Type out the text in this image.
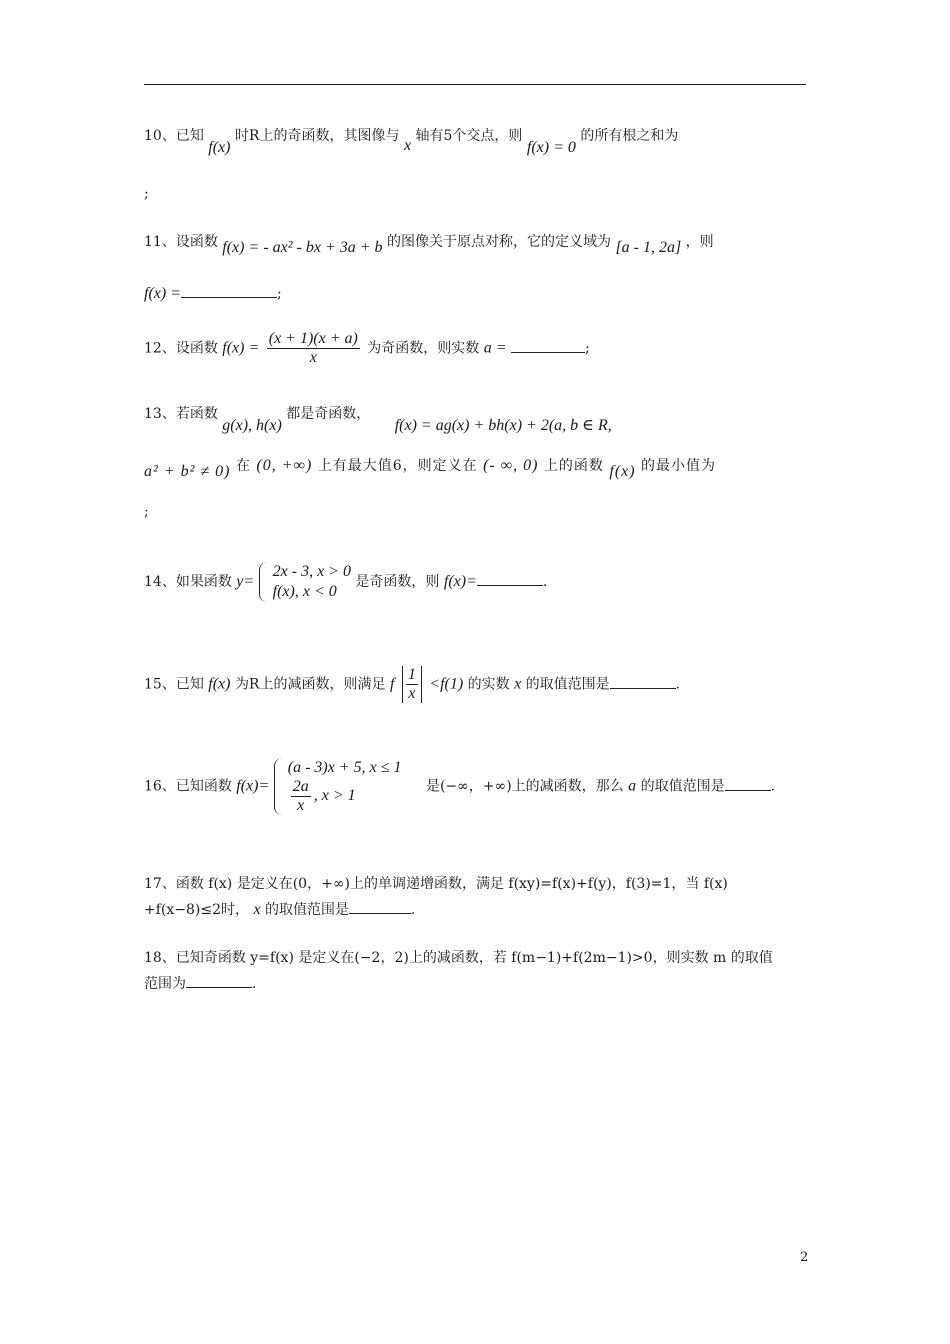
10、已知 f(x) 时R上的奇函数，其图像与 x 轴有5个交点，则 f(x) = 0 的所有根之和为
;
11、设函数 f(x) = - ax² - bx + 3a + b 的图像关于原点对称，它的定义域为 [a - 1, 2a] ，则
f(x) =	;
12、设函数 $f(x) = \frac{(x + 1)(x + a)}{x}$ 为奇函数，则实数 a =	;
13、若函数 g(x), h(x) 都是奇函数， f(x) = ag(x) + bh(x) + 2(a, b ∈ R,
a² + b² ≠ 0) 在 (0, +∞) 上有最大值6，则定义在 (- ∞, 0) 上的函数 f(x) 的最小值为
;
14、如果函数 y=
2x - 3, x > 0
f(x), x < 0
是奇函数，则 f(x)=	.
15、已知 f(x) 为R上的减函数，则满足 f $\frac{1}{x} <f(1)$ 的实数 x 的取值范围是	.
16、已知函数 f(x)=
(a - 3)x + 5, x ≤ 1
$\frac{2a}{x}$ , x > 1
是(−∞，+∞)上的减函数，那么 a 的取值范围是	.
17、函数 f(x) 是定义在(0，+∞)上的单调递增函数，满足 f(xy)=f(x)+f(y)，f(3)=1，当 f(x)
+f(x−8)≤2时， x 的取值范围是	.
18、已知奇函数 y=f(x) 是定义在(−2，2)上的减函数，若 f(m−1)+f(2m−1)>0，则实数 m 的取值
范围为	.
2
